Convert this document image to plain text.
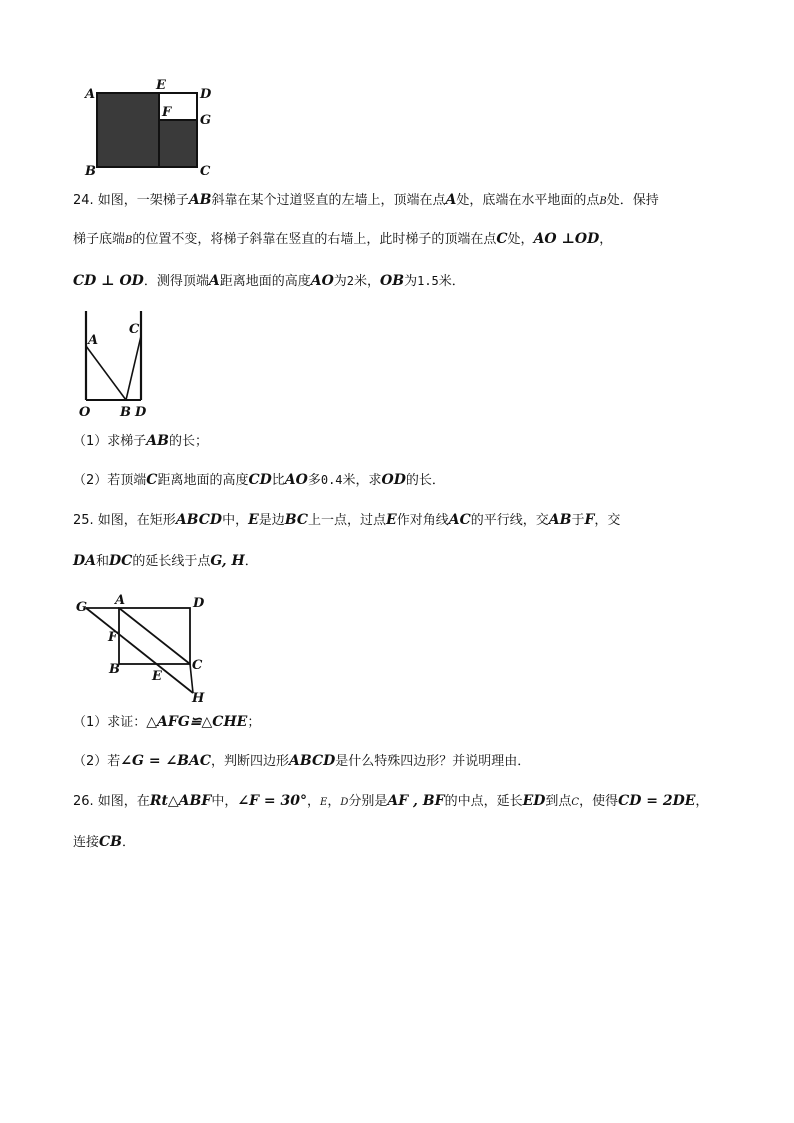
A
E
D
F
G
B	C
24. 如图，一架梯子AB斜靠在某个过道竖直的左墙上，顶端在点A处，底端在水平地面的点B处．保持
梯子底端B的位置不变，将梯子斜靠在竖直的右墙上，此时梯子的顶端在点C处，AO ⊥OD，
CD ⊥ OD．测得顶端A距离地面的高度AO为2米，OB为1.5米．
A
C
O B D
（1）求梯子AB的长；
（2）若顶端C距离地面的高度CD比AO多0.4米，求OD的长．
25. 如图，在矩形ABCD中，E是边BC上一点，过点E作对角线AC的平行线，交AB于F，交
DA和DC的延长线于点G, H．
G A	D
F
B	C
E
H
（1）求证：△AFG≌△CHE；
（2）若∠G = ∠BAC，判断四边形ABCD是什么特殊四边形？并说明理由．
26. 如图，在Rt△ABF中，∠F = 30°，E，D分别是AF , BF的中点，延长ED到点C，使得CD = 2DE，
连接CB．
